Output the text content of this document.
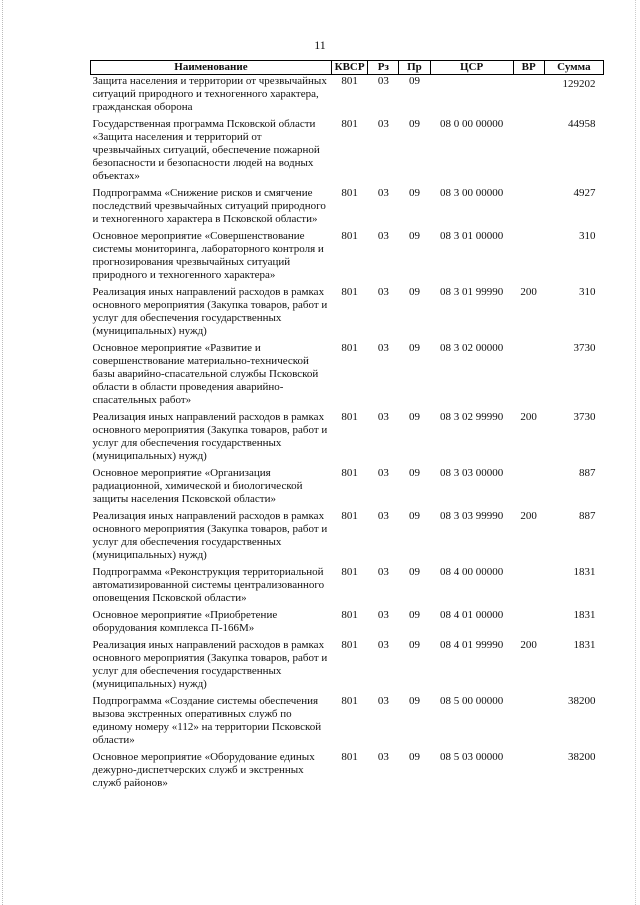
11
Наименование	КВСР	Рз	Пр	ЦСР	ВР	Сумма
Защита населения и территории от чрезвычайных ситуаций природного и техногенного характера, гражданская оборона	801	03	09			129202
Государственная программа Псковской области «Защита населения и территорий от чрезвычайных ситуаций, обеспечение пожарной безопасности и безопасности людей на водных объектах»	801	03	09	08 0 00 00000		44958
Подпрограмма «Снижение рисков и смягчение последствий чрезвычайных ситуаций природного и техногенного характера в Псковской области»	801	03	09	08 3 00 00000		4927
Основное мероприятие «Совершенствование системы мониторинга, лабораторного контроля и прогнозирования чрезвычайных ситуаций природного и техногенного характера»	801	03	09	08 3 01 00000		310
Реализация иных направлений расходов в рамках основного мероприятия (Закупка товаров, работ и услуг для обеспечения государственных (муниципальных) нужд)	801	03	09	08 3 01 99990	200	310
Основное мероприятие «Развитие и совершенствование материально-технической базы аварийно-спасательной службы Псковской области в области проведения аварийно-спасательных работ»	801	03	09	08 3 02 00000		3730
Реализация иных направлений расходов в рамках основного мероприятия (Закупка товаров, работ и услуг для обеспечения государственных (муниципальных) нужд)	801	03	09	08 3 02 99990	200	3730
Основное мероприятие «Организация радиационной, химической и биологической защиты населения Псковской области»	801	03	09	08 3 03 00000		887
Реализация иных направлений расходов в рамках основного мероприятия (Закупка товаров, работ и услуг для обеспечения государственных (муниципальных) нужд)	801	03	09	08 3 03 99990	200	887
Подпрограмма «Реконструкция территориальной автоматизированной системы централизованного оповещения Псковской области»	801	03	09	08 4 00 00000		1831
Основное мероприятие «Приобретение оборудования комплекса П-166М»	801	03	09	08 4 01 00000		1831
Реализация иных направлений расходов в рамках основного мероприятия (Закупка товаров, работ и услуг для обеспечения государственных (муниципальных) нужд)	801	03	09	08 4 01 99990	200	1831
Подпрограмма «Создание системы обеспечения вызова экстренных оперативных служб по единому номеру «112» на территории Псковской области»	801	03	09	08 5 00 00000		38200
Основное мероприятие «Оборудование единых дежурно-диспетчерских служб и экстренных служб районов»	801	03	09	08 5 03 00000		38200
